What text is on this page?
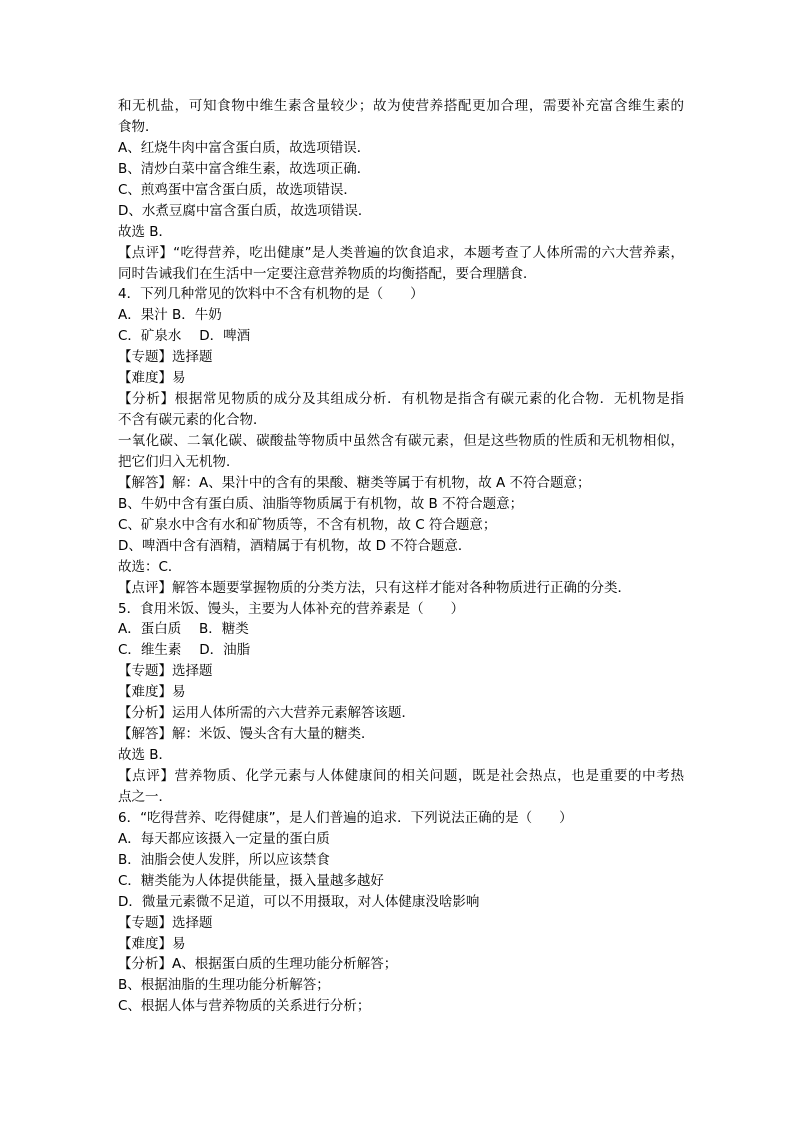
和无机盐，可知食物中维生素含量较少；故为使营养搭配更加合理，需要补充富含维生素的
食物．
A、红烧牛肉中富含蛋白质，故选项错误．
B、清炒白菜中富含维生素，故选项正确．
C、煎鸡蛋中富含蛋白质，故选项错误．
D、水煮豆腐中富含蛋白质，故选项错误．
故选 B．
【点评】“吃得营养，吃出健康”是人类普遍的饮食追求，本题考查了人体所需的六大营养素，
同时告诫我们在生活中一定要注意营养物质的均衡搭配，要合理膳食．
4．下列几种常见的饮料中不含有机物的是（　　）
A．果汁 B．牛奶
C．矿泉水　 D．啤酒
【专题】选择题
【难度】易
【分析】根据常见物质的成分及其组成分析．有机物是指含有碳元素的化合物．无机物是指
不含有碳元素的化合物．
一氧化碳、二氧化碳、碳酸盐等物质中虽然含有碳元素，但是这些物质的性质和无机物相似，
把它们归入无机物．
【解答】解：A、果汁中的含有的果酸、糖类等属于有机物，故 A 不符合题意；
B、牛奶中含有蛋白质、油脂等物质属于有机物，故 B 不符合题意；
C、矿泉水中含有水和矿物质等，不含有机物，故 C 符合题意；
D、啤酒中含有酒精，酒精属于有机物，故 D 不符合题意．
故选：C．
【点评】解答本题要掌握物质的分类方法，只有这样才能对各种物质进行正确的分类．
5．食用米饭、馒头，主要为人体补充的营养素是（　　）
A．蛋白质　 B．糖类
C．维生素　 D．油脂
【专题】选择题
【难度】易
【分析】运用人体所需的六大营养元素解答该题．
【解答】解：米饭、馒头含有大量的糖类．
故选 B．
【点评】营养物质、化学元素与人体健康间的相关问题，既是社会热点，也是重要的中考热
点之一．
6．“吃得营养、吃得健康”，是人们普遍的追求．下列说法正确的是（　　）
A．每天都应该摄入一定量的蛋白质
B．油脂会使人发胖，所以应该禁食
C．糖类能为人体提供能量，摄入量越多越好
D．微量元素微不足道，可以不用摄取，对人体健康没啥影响
【专题】选择题
【难度】易
【分析】A、根据蛋白质的生理功能分析解答；
B、根据油脂的生理功能分析解答；
C、根据人体与营养物质的关系进行分析；
